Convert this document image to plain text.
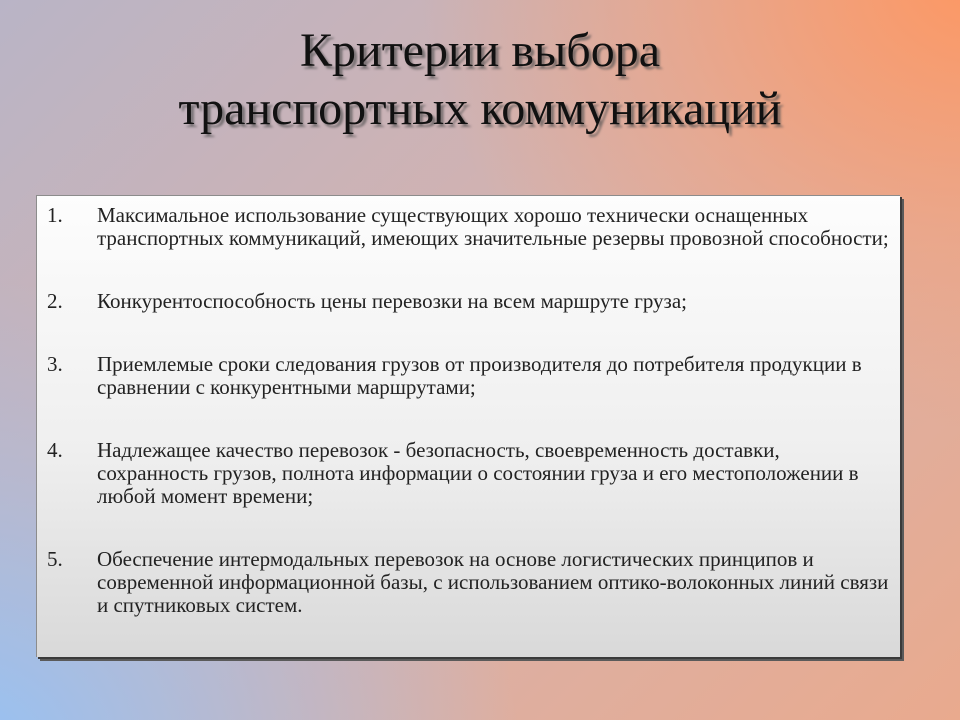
Критерии выбора
транспортных коммуникаций
1.	Максимальное использование существующих хорошо технически оснащенных транспортных коммуникаций, имеющих значительные резервы провозной способности;
2.	Конкурентоспособность цены перевозки на всем маршруте груза;
3.	Приемлемые сроки следования грузов от производителя до потребителя продукции в сравнении с конкурентными маршрутами;
4.	Надлежащее качество перевозок - безопасность, своевременность доставки, сохранность грузов, полнота информации о состоянии груза и его местоположении в любой момент времени;
5.	Обеспечение интермодальных перевозок на основе логистических принципов и современной информационной базы, с использованием оптико-волоконных линий связи и спутниковых систем.
